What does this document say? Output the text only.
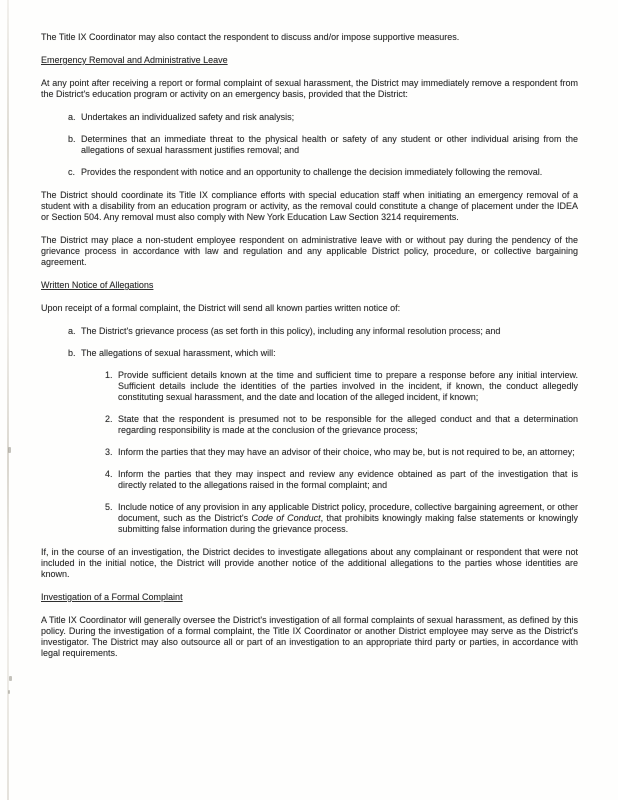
The Title IX Coordinator may also contact the respondent to discuss and/or impose supportive measures.

Emergency Removal and Administrative Leave

At any point after receiving a report or formal complaint of sexual harassment, the District may immediately remove a respondent from the District's education program or activity on an emergency basis, provided that the District:

a. Undertakes an individualized safety and risk analysis;
b. Determines that an immediate threat to the physical health or safety of any student or other individual arising from the allegations of sexual harassment justifies removal; and
c. Provides the respondent with notice and an opportunity to challenge the decision immediately following the removal.

The District should coordinate its Title IX compliance efforts with special education staff when initiating an emergency removal of a student with a disability from an education program or activity, as the removal could constitute a change of placement under the IDEA or Section 504. Any removal must also comply with New York Education Law Section 3214 requirements.

The District may place a non-student employee respondent on administrative leave with or without pay during the pendency of the grievance process in accordance with law and regulation and any applicable District policy, procedure, or collective bargaining agreement.

Written Notice of Allegations

Upon receipt of a formal complaint, the District will send all known parties written notice of:

a. The District's grievance process (as set forth in this policy), including any informal resolution process; and
b. The allegations of sexual harassment, which will:
1. Provide sufficient details known at the time and sufficient time to prepare a response before any initial interview. Sufficient details include the identities of the parties involved in the incident, if known, the conduct allegedly constituting sexual harassment, and the date and location of the alleged incident, if known;
2. State that the respondent is presumed not to be responsible for the alleged conduct and that a determination regarding responsibility is made at the conclusion of the grievance process;
3. Inform the parties that they may have an advisor of their choice, who may be, but is not required to be, an attorney;
4. Inform the parties that they may inspect and review any evidence obtained as part of the investigation that is directly related to the allegations raised in the formal complaint; and
5. Include notice of any provision in any applicable District policy, procedure, collective bargaining agreement, or other document, such as the District's Code of Conduct, that prohibits knowingly making false statements or knowingly submitting false information during the grievance process.

If, in the course of an investigation, the District decides to investigate allegations about any complainant or respondent that were not included in the initial notice, the District will provide another notice of the additional allegations to the parties whose identities are known.

Investigation of a Formal Complaint

A Title IX Coordinator will generally oversee the District's investigation of all formal complaints of sexual harassment, as defined by this policy. During the investigation of a formal complaint, the Title IX Coordinator or another District employee may serve as the District's investigator. The District may also outsource all or part of an investigation to an appropriate third party or parties, in accordance with legal requirements.
